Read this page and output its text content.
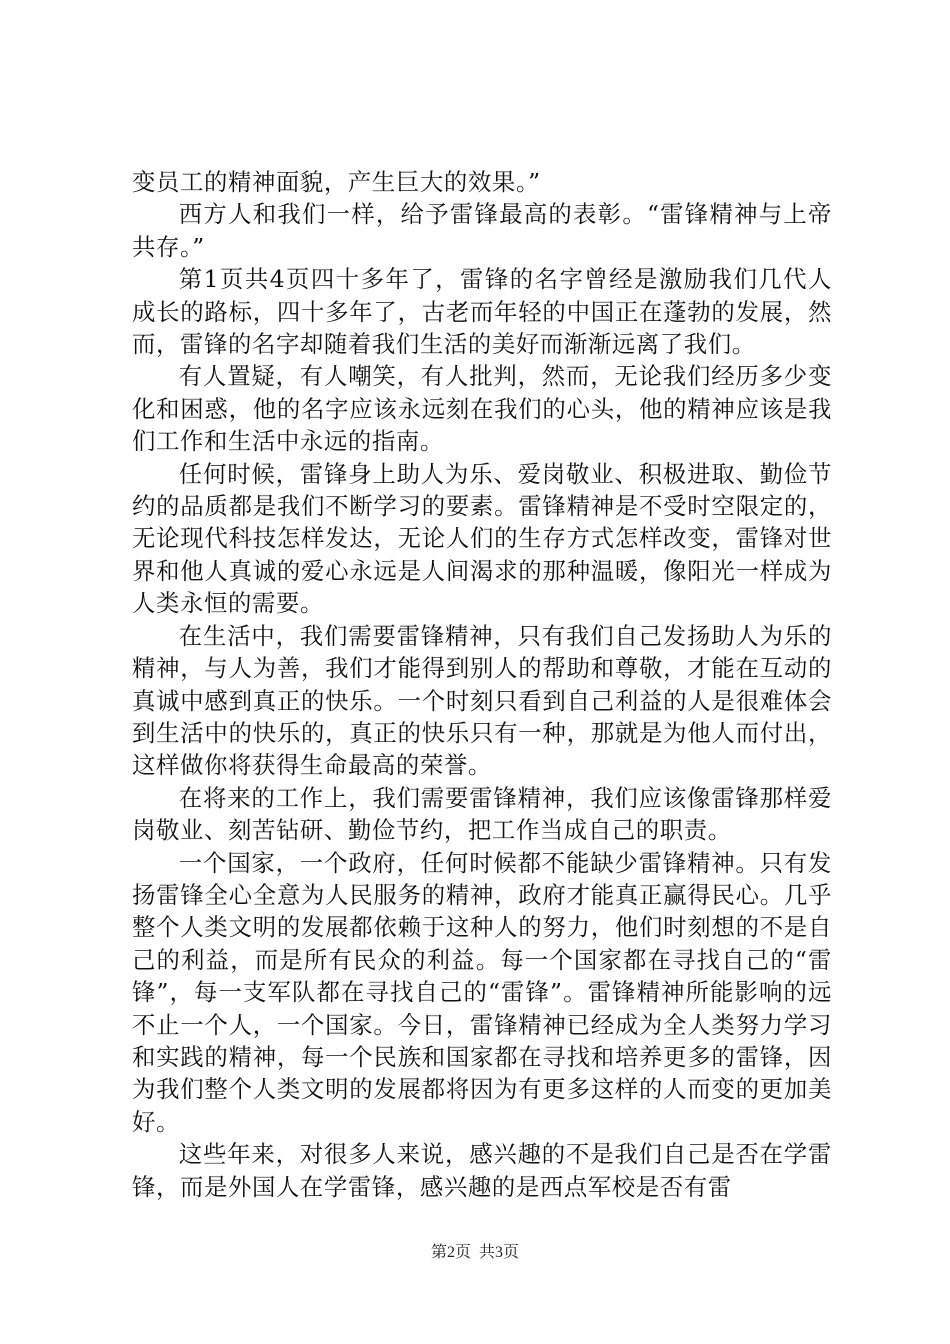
变员工的精神面貌，产生巨大的效果。”

西方人和我们一样，给予雷锋最高的表彰。“雷锋精神与上帝共存。”

第1页共4页四十多年了，雷锋的名字曾经是激励我们几代人成长的路标，四十多年了，古老而年轻的中国正在蓬勃的发展，然而，雷锋的名字却随着我们生活的美好而渐渐远离了我们。

有人置疑，有人嘲笑，有人批判，然而，无论我们经历多少变化和困惑，他的名字应该永远刻在我们的心头，他的精神应该是我们工作和生活中永远的指南。

任何时候，雷锋身上助人为乐、爱岗敬业、积极进取、勤俭节约的品质都是我们不断学习的要素。雷锋精神是不受时空限定的，无论现代科技怎样发达，无论人们的生存方式怎样改变，雷锋对世界和他人真诚的爱心永远是人间渴求的那种温暖，像阳光一样成为人类永恒的需要。

在生活中，我们需要雷锋精神，只有我们自己发扬助人为乐的精神，与人为善，我们才能得到别人的帮助和尊敬，才能在互动的真诚中感到真正的快乐。一个时刻只看到自己利益的人是很难体会到生活中的快乐的，真正的快乐只有一种，那就是为他人而付出，这样做你将获得生命最高的荣誉。

在将来的工作上，我们需要雷锋精神，我们应该像雷锋那样爱岗敬业、刻苦钻研、勤俭节约，把工作当成自己的职责。

一个国家，一个政府，任何时候都不能缺少雷锋精神。只有发扬雷锋全心全意为人民服务的精神，政府才能真正赢得民心。几乎整个人类文明的发展都依赖于这种人的努力，他们时刻想的不是自己的利益，而是所有民众的利益。每一个国家都在寻找自己的“雷锋”，每一支军队都在寻找自己的“雷锋”。雷锋精神所能影响的远不止一个人，一个国家。今日，雷锋精神已经成为全人类努力学习和实践的精神，每一个民族和国家都在寻找和培养更多的雷锋，因为我们整个人类文明的发展都将因为有更多这样的人而变的更加美好。

这些年来，对很多人来说，感兴趣的不是我们自己是否在学雷锋，而是外国人在学雷锋，感兴趣的是西点军校是否有雷

第2页 共3页
